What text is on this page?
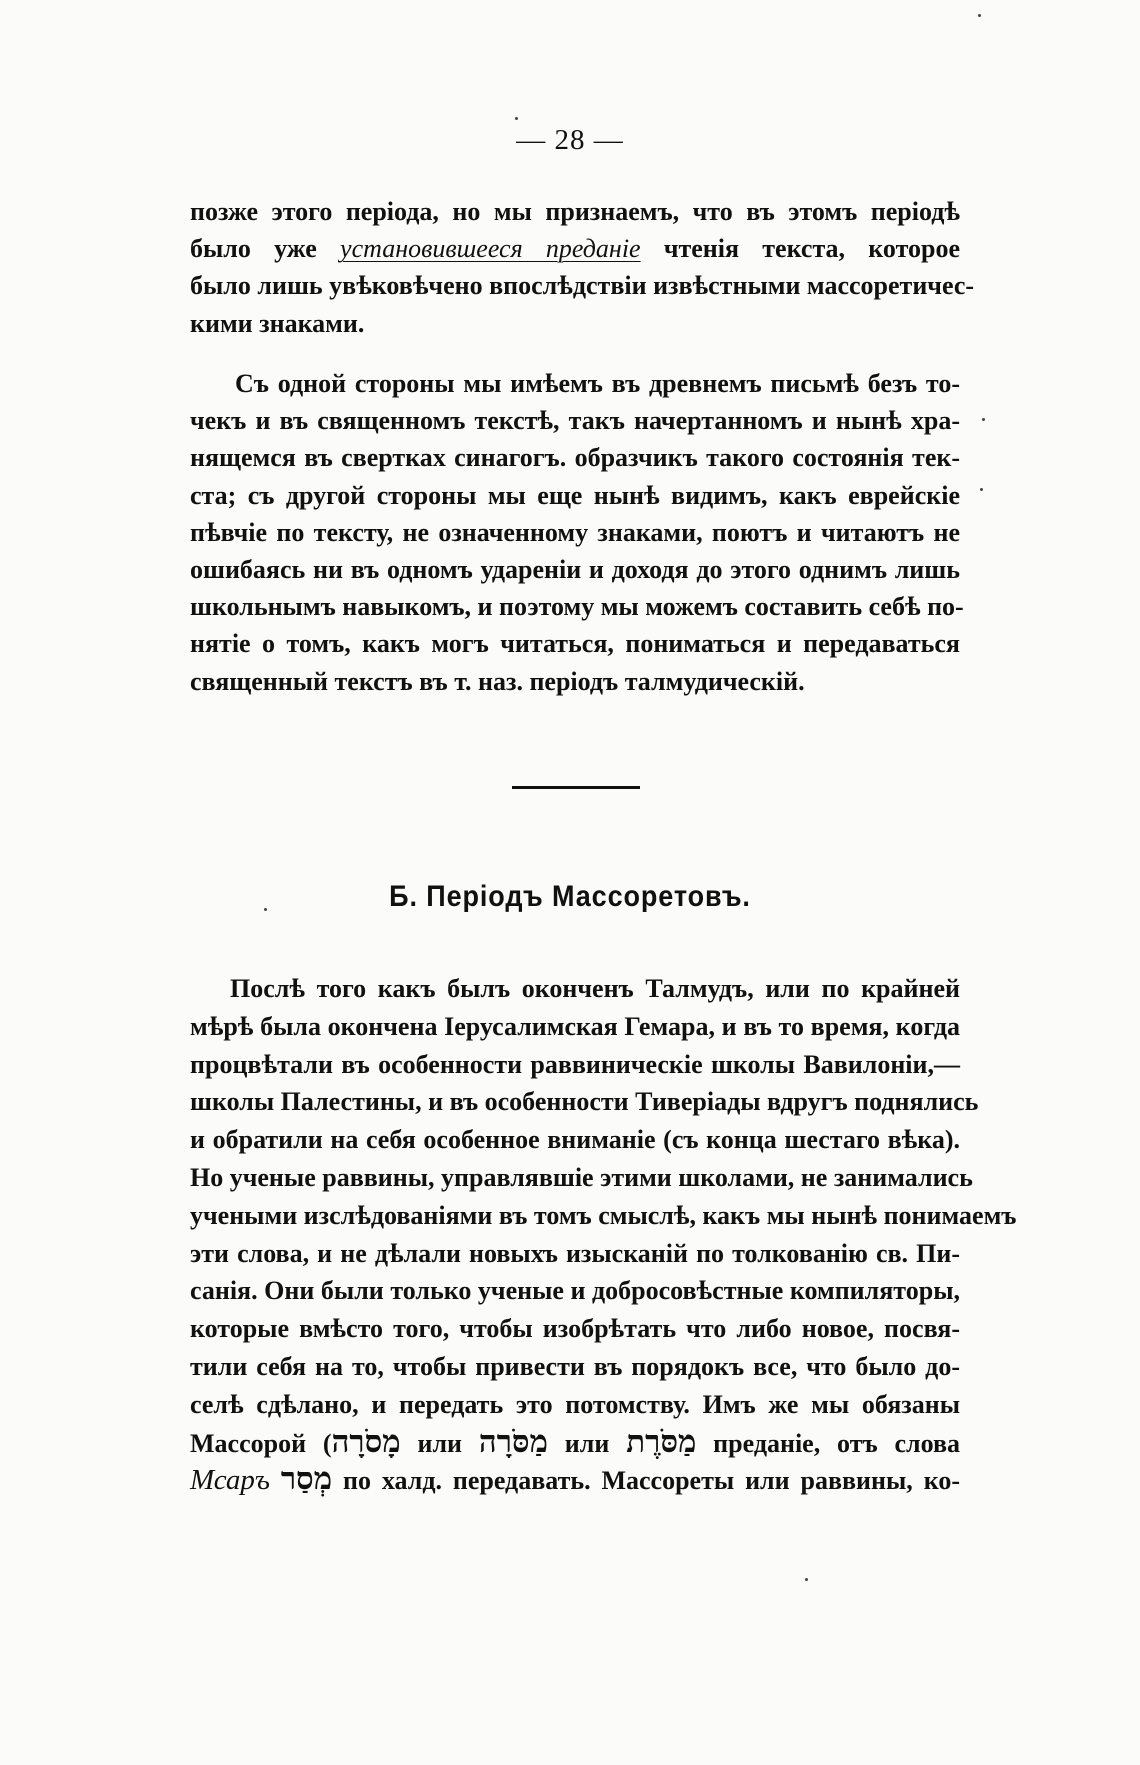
— 28 —
позже этого періода, но мы признаемъ, что въ этомъ періодѣ
было уже установившееся преданіе чтенія текста, которое
было лишь увѣковѣчено впослѣдствіи извѣстными массоретичес-
кими знаками.
Съ одной стороны мы имѣемъ въ древнемъ письмѣ безъ то-
чекъ и въ священномъ текстѣ, такъ начертанномъ и нынѣ хра-
нящемся въ свертках синагогъ. образчикъ такого состоянія тек-
ста; съ другой стороны мы еще нынѣ видимъ, какъ еврейскіе
пѣвчіе по тексту, не означенному знаками, поютъ и читаютъ не
ошибаясь ни въ одномъ удареніи и доходя до этого однимъ лишь
школьнымъ навыкомъ, и поэтому мы можемъ составить себѣ по-
нятіе о томъ, какъ могъ читаться, пониматься и передаваться
священный текстъ въ т. наз. періодъ талмудическій.
Б. Періодъ Массоретовъ.
Послѣ того какъ былъ оконченъ Талмудъ, или по крайней
мѣрѣ была окончена Іерусалимская Гемара, и въ то время, когда
процвѣтали въ особенности раввиническіе школы Вавилоніи,—
школы Палестины, и въ особенности Тиверіады вдругъ поднялись
и обратили на себя особенное вниманіе (съ конца шестаго вѣка).
Но ученые раввины, управлявшіе этими школами, не занимались
учеными изслѣдованіями въ томъ смыслѣ, какъ мы нынѣ понимаемъ
эти слова, и не дѣлали новыхъ изысканій по толкованію св. Пи-
санія. Они были только ученые и добросовѣстные компиляторы,
которые вмѣсто того, чтобы изобрѣтать что либо новое, посвя-
тили себя на то, чтобы привести въ порядокъ все, что было до-
селѣ сдѣлано, и передать это потомству. Имъ же мы обязаны
Массорой (מָסֹרָה или מַסֹּרָה или מַסֹּרֶת преданіе, отъ слова
Мсаръ מְסַר по халд. передавать. Массореты или раввины, ко-
